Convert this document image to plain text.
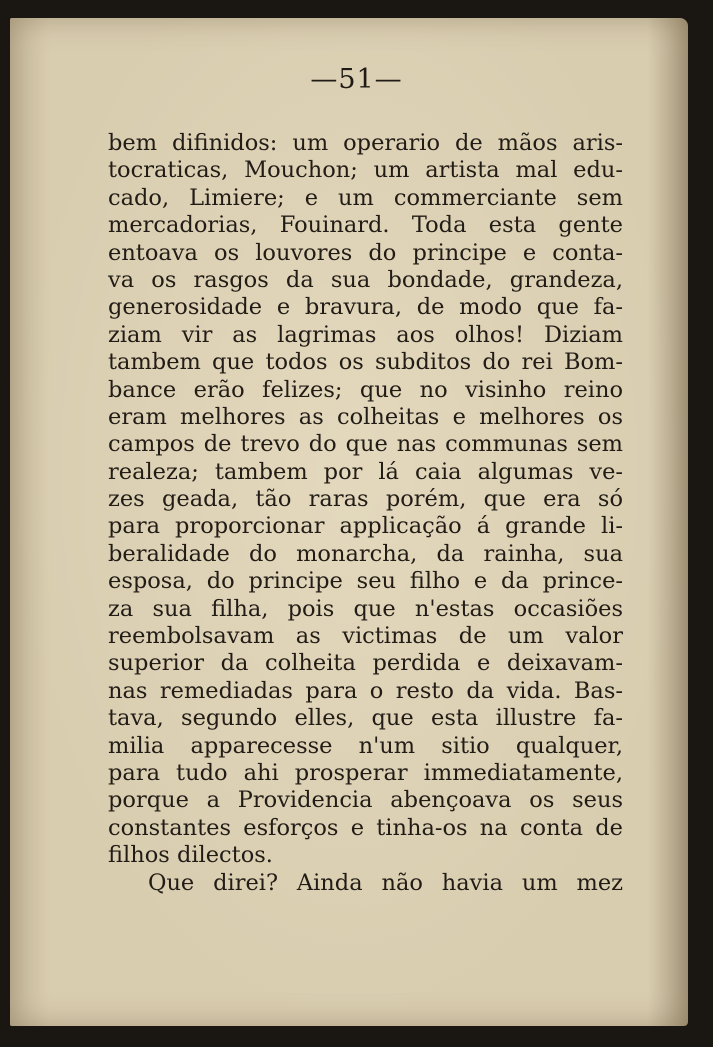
—51—
bem difinidos: um operario de mãos aris-
tocraticas, Mouchon; um artista mal edu-
cado, Limiere; e um commerciante sem
mercadorias, Fouinard. Toda esta gente
entoava os louvores do principe e conta-
va os rasgos da sua bondade, grandeza,
generosidade e bravura, de modo que fa-
ziam vir as lagrimas aos olhos! Diziam
tambem que todos os subditos do rei Bom-
bance erão felizes; que no visinho reino
eram melhores as colheitas e melhores os
campos de trevo do que nas communas sem
realeza; tambem por lá caia algumas ve-
zes geada, tão raras porém, que era só
para proporcionar applicação á grande li-
beralidade do monarcha, da rainha, sua
esposa, do principe seu filho e da prince-
za sua filha, pois que n'estas occasiões
reembolsavam as victimas de um valor
superior da colheita perdida e deixavam-
nas remediadas para o resto da vida. Bas-
tava, segundo elles, que esta illustre fa-
milia apparecesse n'um sitio qualquer,
para tudo ahi prosperar immediatamente,
porque a Providencia abençoava os seus
constantes esforços e tinha-os na conta de
filhos dilectos.
Que direi? Ainda não havia um mez
